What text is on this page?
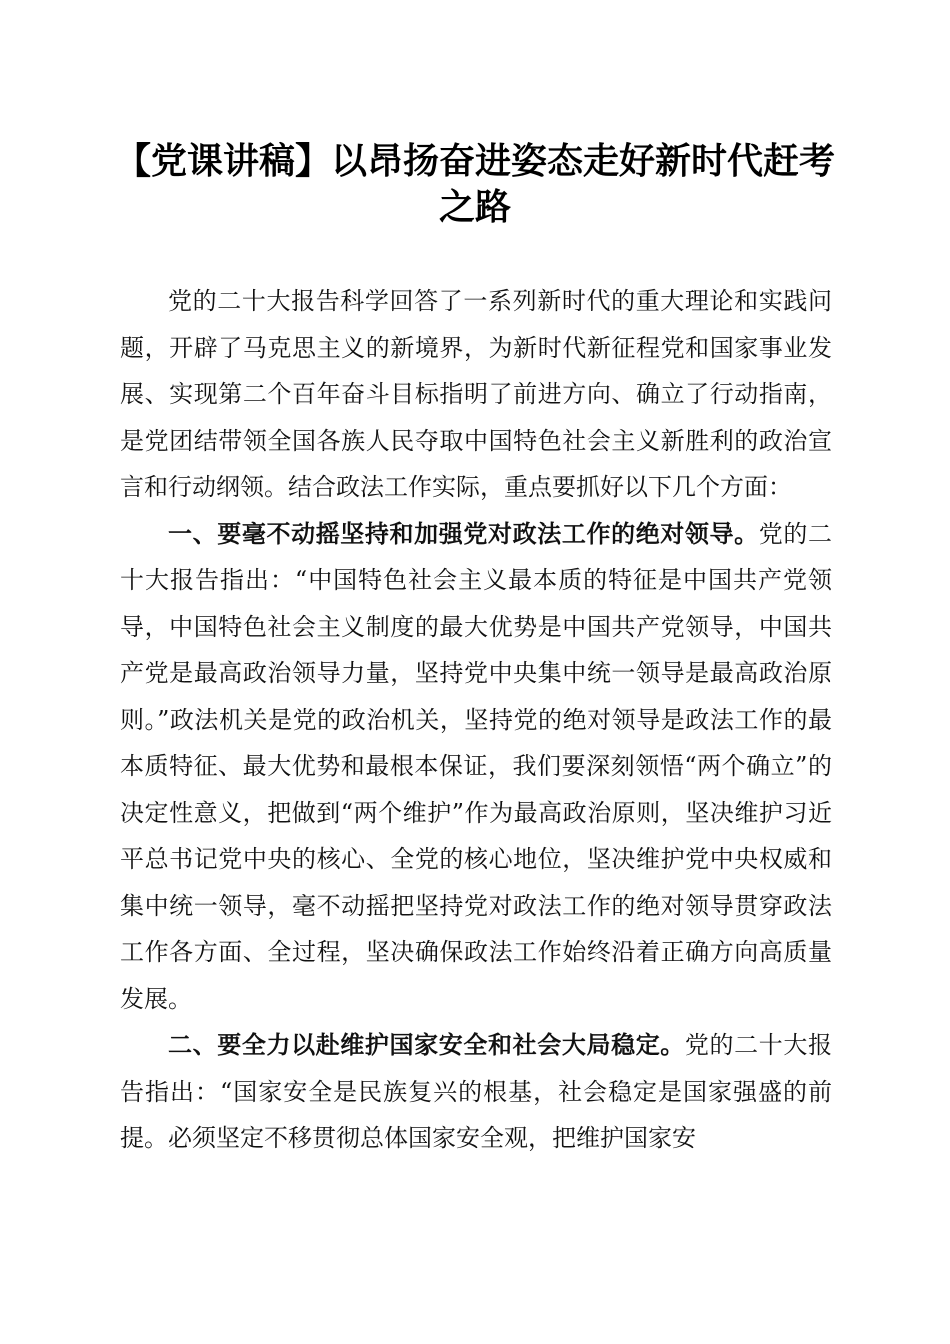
【党课讲稿】以昂扬奋进姿态走好新时代赶考
之路

党的二十大报告科学回答了一系列新时代的重大理论和实践问题，开辟了马克思主义的新境界，为新时代新征程党和国家事业发展、实现第二个百年奋斗目标指明了前进方向、确立了行动指南，是党团结带领全国各族人民夺取中国特色社会主义新胜利的政治宣言和行动纲领。结合政法工作实际，重点要抓好以下几个方面：

一、要毫不动摇坚持和加强党对政法工作的绝对领导。党的二十大报告指出：“中国特色社会主义最本质的特征是中国共产党领导，中国特色社会主义制度的最大优势是中国共产党领导，中国共产党是最高政治领导力量，坚持党中央集中统一领导是最高政治原则。”政法机关是党的政治机关，坚持党的绝对领导是政法工作的最本质特征、最大优势和最根本保证，我们要深刻领悟“两个确立”的决定性意义，把做到“两个维护”作为最高政治原则，坚决维护习近平总书记党中央的核心、全党的核心地位，坚决维护党中央权威和集中统一领导，毫不动摇把坚持党对政法工作的绝对领导贯穿政法工作各方面、全过程，坚决确保政法工作始终沿着正确方向高质量发展。

二、要全力以赴维护国家安全和社会大局稳定。党的二十大报告指出：“国家安全是民族复兴的根基，社会稳定是国家强盛的前提。必须坚定不移贯彻总体国家安全观，把维护国家安
